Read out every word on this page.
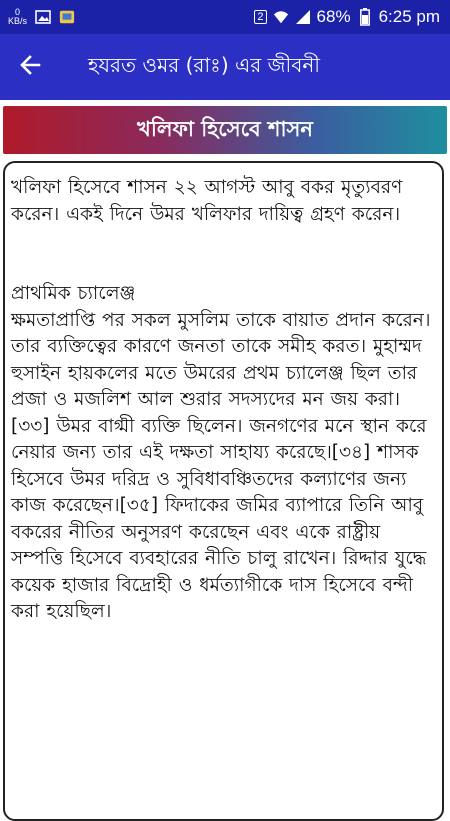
0
KB/s	2	68% 6:25 pm
হযরত ওমর (রাঃ) এর জীবনী
খলিফা হিসেবে শাসন

খলিফা হিসেবে শাসন ২২ আগস্ট আবু বকর মৃত্যুবরণ করেন। একই দিনে উমর খলিফার দায়িত্ব গ্রহণ করেন।

প্রাথমিক চ্যালেঞ্জ

ক্ষমতাপ্রাপ্তি পর সকল মুসলিম তাকে বায়াত প্রদান করেন। তার ব্যক্তিত্বের কারণে জনতা তাকে সমীহ করত। মুহাম্মদ হুসাইন হায়কলের মতে উমরের প্রথম চ্যালেঞ্জ ছিল তার প্রজা ও মজলিশ আল শুরার সদস্যদের মন জয় করা।[৩৩] উমর বাগ্মী ব্যক্তি ছিলেন। জনগণের মনে স্থান করে নেয়ার জন্য তার এই দক্ষতা সাহায্য করেছে।[৩৪] শাসক হিসেবে উমর দরিদ্র ও সুবিধাবঞ্চিতদের কল্যাণের জন্য কাজ করেছেন।[৩৫] ফিদাকের জমির ব্যাপারে তিনি আবু বকরের নীতির অনুসরণ করেছেন এবং একে রাষ্ট্রীয় সম্পত্তি হিসেবে ব্যবহারের নীতি চালু রাখেন। রিদ্দার যুদ্ধে কয়েক হাজার বিদ্রোহী ও ধর্মত্যাগীকে দাস হিসেবে বন্দী করা হয়েছিল।
